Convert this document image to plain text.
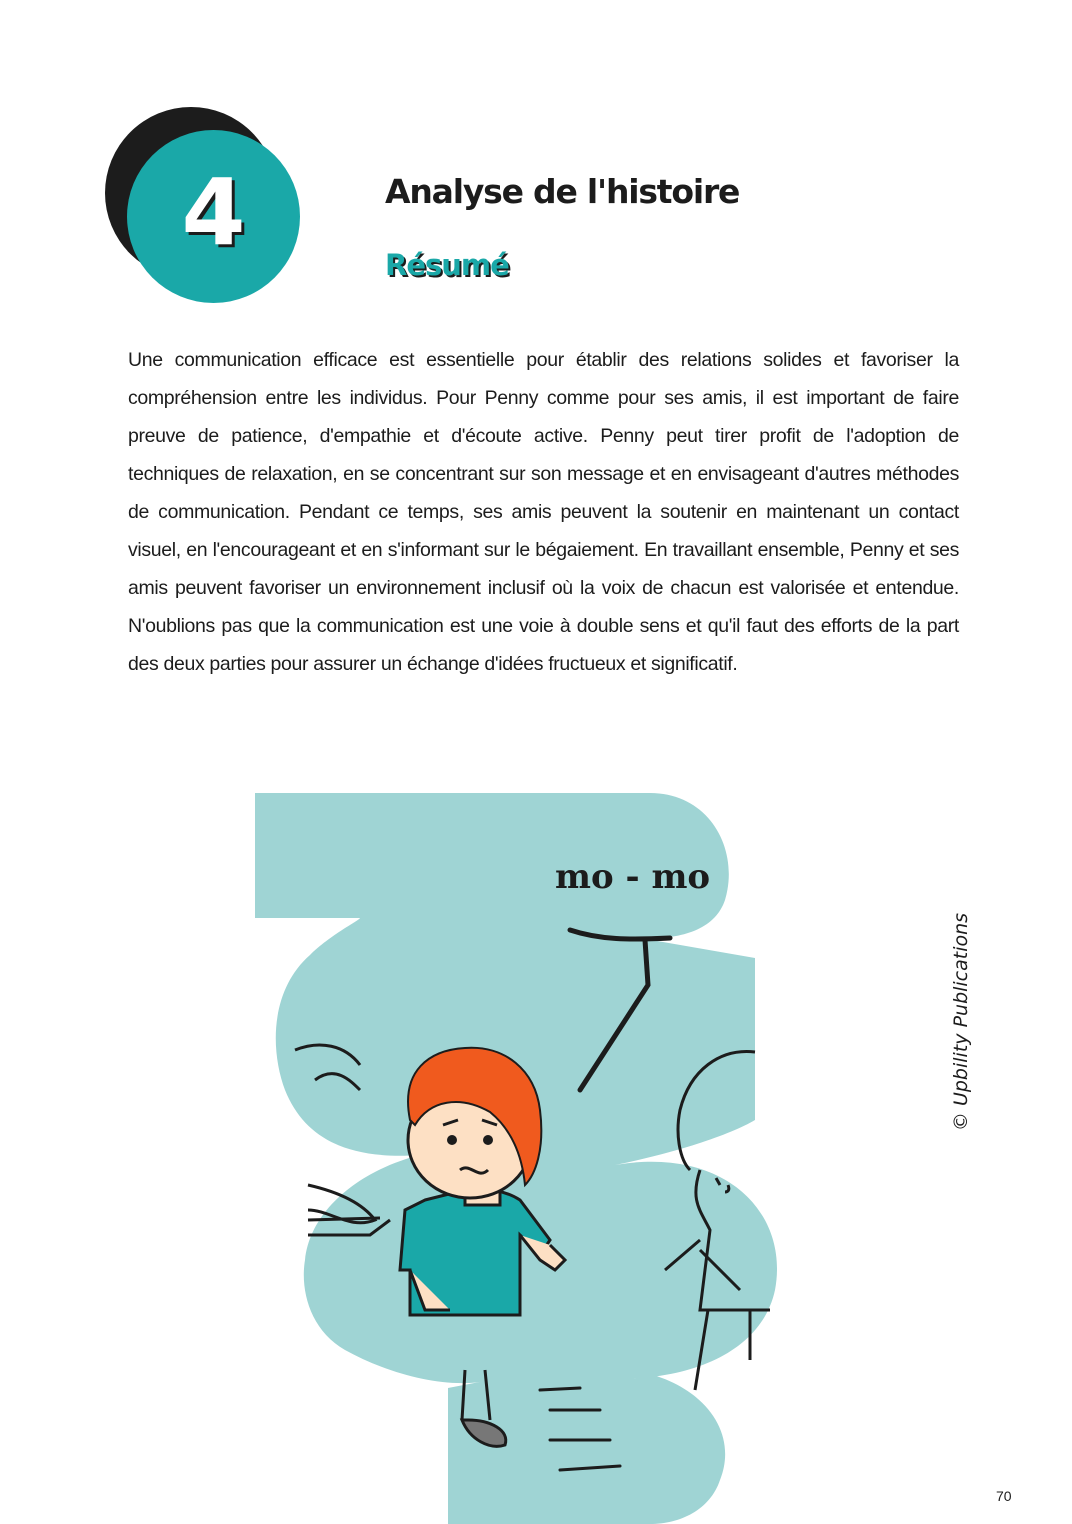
4	Analyse de l'histoire
Résumé

Une communication efficace est essentielle pour établir des relations solides et favoriser la compréhension entre les individus. Pour Penny comme pour ses amis, il est important de faire preuve de patience, d'empathie et d'écoute active. Penny peut tirer profit de l'adoption de techniques de relaxation, en se concentrant sur son message et en envisageant d'autres méthodes de communication. Pendant ce temps, ses amis peuvent la soutenir en maintenant un contact visuel, en l'encourageant et en s'informant sur le bégaiement. En travaillant ensemble, Penny et ses amis peuvent favoriser un environnement inclusif où la voix de chacun est valorisée et entendue. N'oublions pas que la communication est une voie à double sens et qu'il faut des efforts de la part des deux parties pour assurer un échange d'idées fructueux et significatif.

mo - mo
© Upbility Publications
70
